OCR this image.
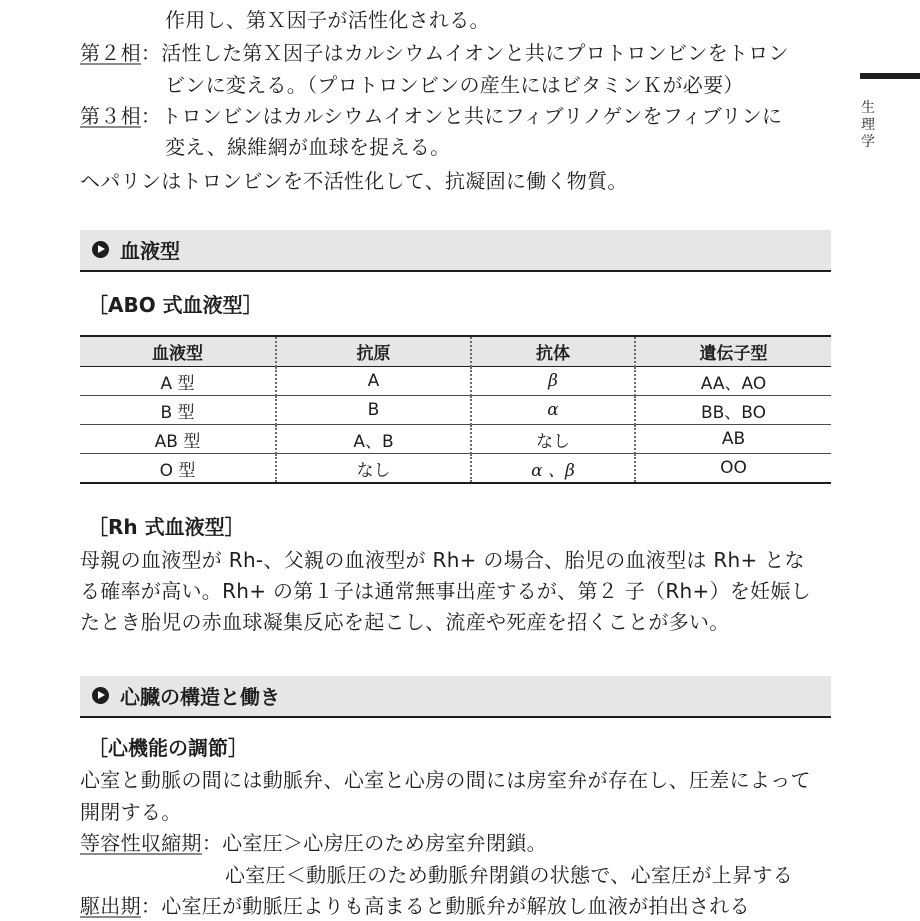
生
理
学
作用し、第Ｘ因子が活性化される。
第２相：活性した第Ｘ因子はカルシウムイオンと共にプロトロンビンをトロン
ビンに変える。（プロトロンビンの産生にはビタミンＫが必要）
第３相：トロンビンはカルシウムイオンと共にフィブリノゲンをフィブリンに
変え、線維網が血球を捉える。
ヘパリンはトロンビンを不活性化して、抗凝固に働く物質。
血液型
［ABO 式血液型］
血液型	抗原	抗体	遺伝子型
A 型	A	β	AA、AO
B 型	B	α	BB、BO
AB 型	A、B	なし	AB
O 型	なし	α 、β	OO
［Rh 式血液型］
母親の血液型が Rh-、父親の血液型が Rh+ の場合、胎児の血液型は Rh+ とな
る確率が高い。Rh+ の第１子は通常無事出産するが、第２ 子（Rh+）を妊娠し
たとき胎児の赤血球凝集反応を起こし、流産や死産を招くことが多い。
心臓の構造と働き
［心機能の調節］
心室と動脈の間には動脈弁、心室と心房の間には房室弁が存在し、圧差によって
開閉する。
等容性収縮期：心室圧＞心房圧のため房室弁閉鎖。
心室圧＜動脈圧のため動脈弁閉鎖の状態で、心室圧が上昇する
駆出期：心室圧が動脈圧よりも高まると動脈弁が解放し血液が拍出される
